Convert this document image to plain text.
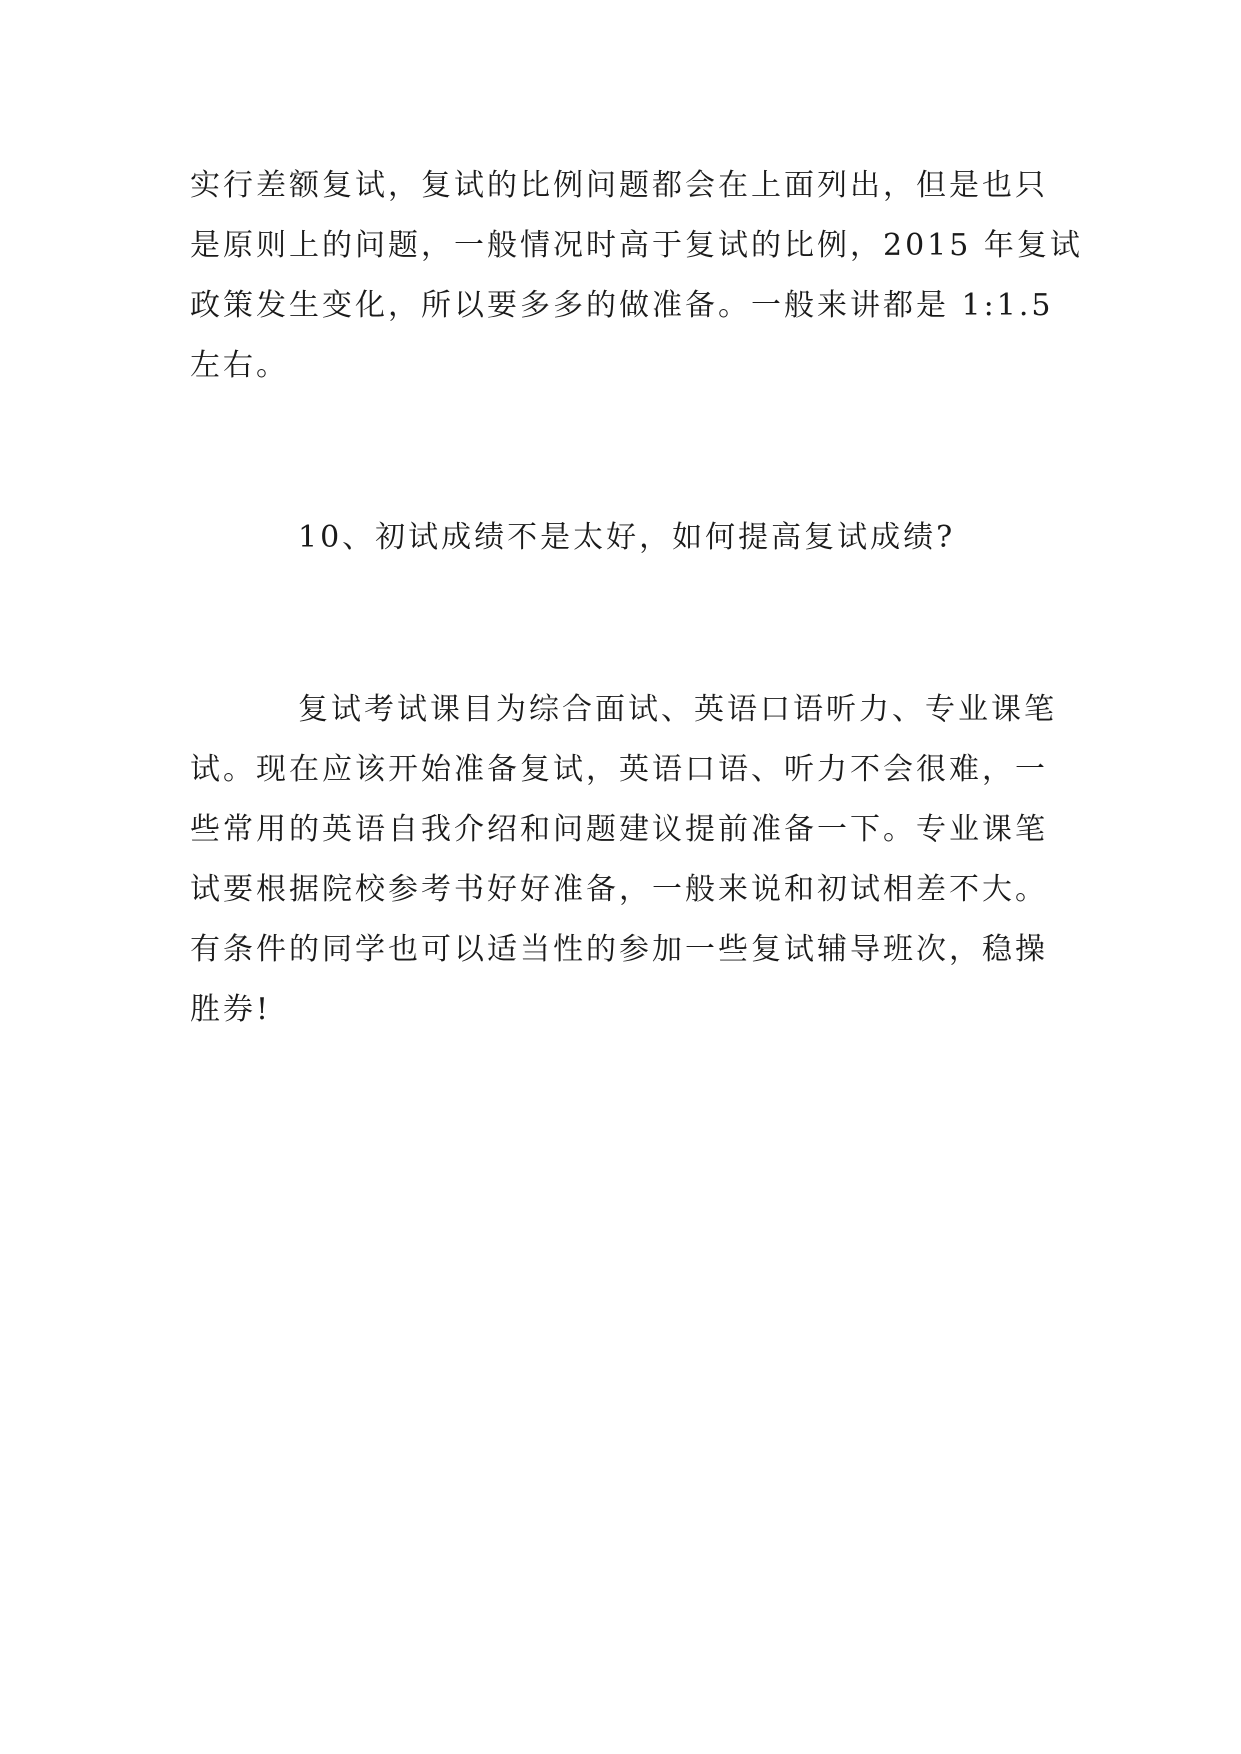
实行差额复试，复试的比例问题都会在上面列出，但是也只
是原则上的问题，一般情况时高于复试的比例，2015 年复试
政策发生变化，所以要多多的做准备。一般来讲都是 1:1.5
左右。
10、初试成绩不是太好，如何提高复试成绩?
复试考试课目为综合面试、英语口语听力、专业课笔
试。现在应该开始准备复试，英语口语、听力不会很难，一
些常用的英语自我介绍和问题建议提前准备一下。专业课笔
试要根据院校参考书好好准备，一般来说和初试相差不大。
有条件的同学也可以适当性的参加一些复试辅导班次，稳操
胜券!
